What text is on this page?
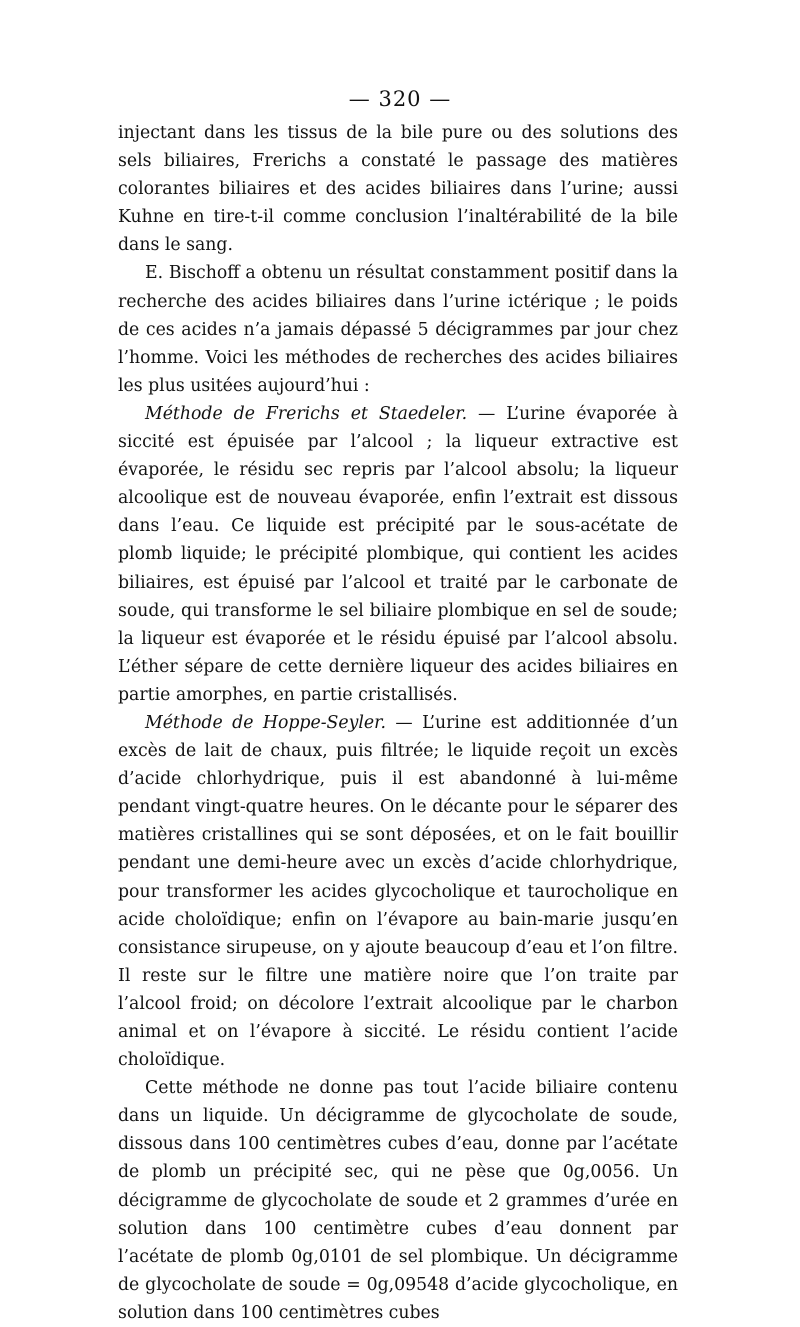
— 320 —

injectant dans les tissus de la bile pure ou des solutions des sels biliaires, Frerichs a constaté le passage des matières colorantes biliaires et des acides biliaires dans l’urine; aussi Kuhne en tire-t-il comme conclusion l’inaltérabilité de la bile dans le sang.

E. Bischoff a obtenu un résultat constamment positif dans la recherche des acides biliaires dans l’urine ictérique ; le poids de ces acides n’a jamais dépassé 5 décigrammes par jour chez l’homme. Voici les méthodes de recherches des acides biliaires les plus usitées aujourd’hui :

Méthode de Frerichs et Staedeler. — L’urine évaporée à siccité est épuisée par l’alcool ; la liqueur extractive est évaporée, le résidu sec repris par l’alcool absolu; la liqueur alcoolique est de nouveau évaporée, enfin l’extrait est dissous dans l’eau. Ce liquide est précipité par le sous-acétate de plomb liquide; le précipité plombique, qui contient les acides biliaires, est épuisé par l’alcool et traité par le carbonate de soude, qui transforme le sel biliaire plombique en sel de soude; la liqueur est évaporée et le résidu épuisé par l’alcool absolu. L’éther sépare de cette dernière liqueur des acides biliaires en partie amorphes, en partie cristallisés.

Méthode de Hoppe-Seyler. — L’urine est additionnée d’un excès de lait de chaux, puis filtrée; le liquide reçoit un excès d’acide chlorhydrique, puis il est abandonné à lui-même pendant vingt-quatre heures. On le décante pour le séparer des matières cristallines qui se sont déposées, et on le fait bouillir pendant une demi-heure avec un excès d’acide chlorhydrique, pour transformer les acides glycocholique et taurocholique en acide choloïdique; enfin on l’évapore au bain-marie jusqu’en consistance sirupeuse, on y ajoute beaucoup d’eau et l’on filtre. Il reste sur le filtre une matière noire que l’on traite par l’alcool froid; on décolore l’extrait alcoolique par le charbon animal et on l’évapore à siccité. Le résidu contient l’acide choloïdique.

Cette méthode ne donne pas tout l’acide biliaire contenu dans un liquide. Un décigramme de glycocholate de soude, dissous dans 100 centimètres cubes d’eau, donne par l’acétate de plomb un précipité sec, qui ne pèse que 0g,0056. Un décigramme de glycocholate de soude et 2 grammes d’urée en solution dans 100 centimètre cubes d’eau donnent par l’acétate de plomb 0g,0101 de sel plombique. Un décigramme de glycocholate de soude = 0g,09548 d’acide glycocholique, en solution dans 100 centimètres cubes
